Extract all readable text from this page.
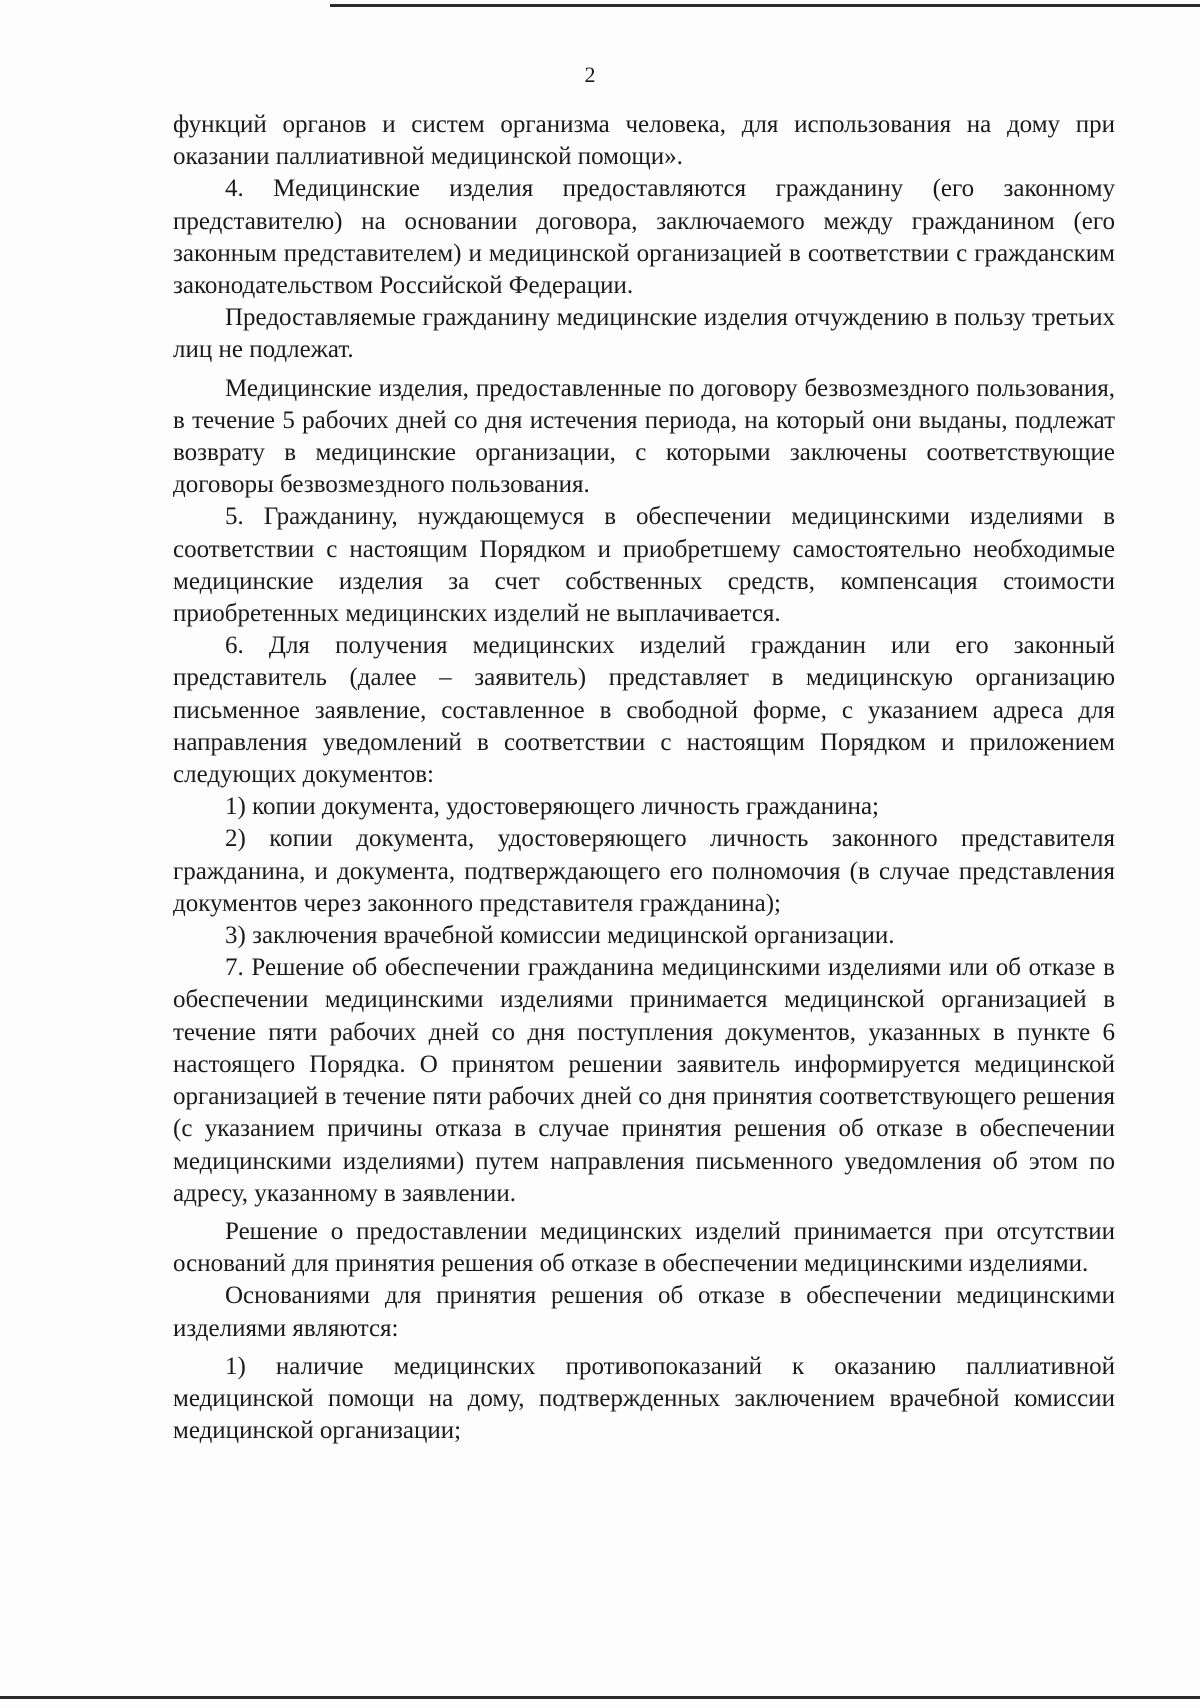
2

функций органов и систем организма человека, для использования на дому при оказании паллиативной медицинской помощи».

4. Медицинские изделия предоставляются гражданину (его законному представителю) на основании договора, заключаемого между гражданином (его законным представителем) и медицинской организацией в соответствии с гражданским законодательством Российской Федерации.

Предоставляемые гражданину медицинские изделия отчуждению в пользу третьих лиц не подлежат.

Медицинские изделия, предоставленные по договору безвозмездного пользования, в течение 5 рабочих дней со дня истечения периода, на который они выданы, подлежат возврату в медицинские организации, с которыми заключены соответствующие договоры безвозмездного пользования.

5. Гражданину, нуждающемуся в обеспечении медицинскими изделиями в соответствии с настоящим Порядком и приобретшему самостоятельно необходимые медицинские изделия за счет собственных средств, компенсация стоимости приобретенных медицинских изделий не выплачивается.

6. Для получения медицинских изделий гражданин или его законный представитель (далее – заявитель) представляет в медицинскую организацию письменное заявление, составленное в свободной форме, с указанием адреса для направления уведомлений в соответствии с настоящим Порядком и приложением следующих документов:

1) копии документа, удостоверяющего личность гражданина;

2) копии документа, удостоверяющего личность законного представителя гражданина, и документа, подтверждающего его полномочия (в случае представления документов через законного представителя гражданина);

3) заключения врачебной комиссии медицинской организации.

7. Решение об обеспечении гражданина медицинскими изделиями или об отказе в обеспечении медицинскими изделиями принимается медицинской организацией в течение пяти рабочих дней со дня поступления документов, указанных в пункте 6 настоящего Порядка. О принятом решении заявитель информируется медицинской организацией в течение пяти рабочих дней со дня принятия соответствующего решения (с указанием причины отказа в случае принятия решения об отказе в обеспечении медицинскими изделиями) путем направления письменного уведомления об этом по адресу, указанному в заявлении.

Решение о предоставлении медицинских изделий принимается при отсутствии оснований для принятия решения об отказе в обеспечении медицинскими изделиями.

Основаниями для принятия решения об отказе в обеспечении медицинскими изделиями являются:

1) наличие медицинских противопоказаний к оказанию паллиативной медицинской помощи на дому, подтвержденных заключением врачебной комиссии медицинской организации;
